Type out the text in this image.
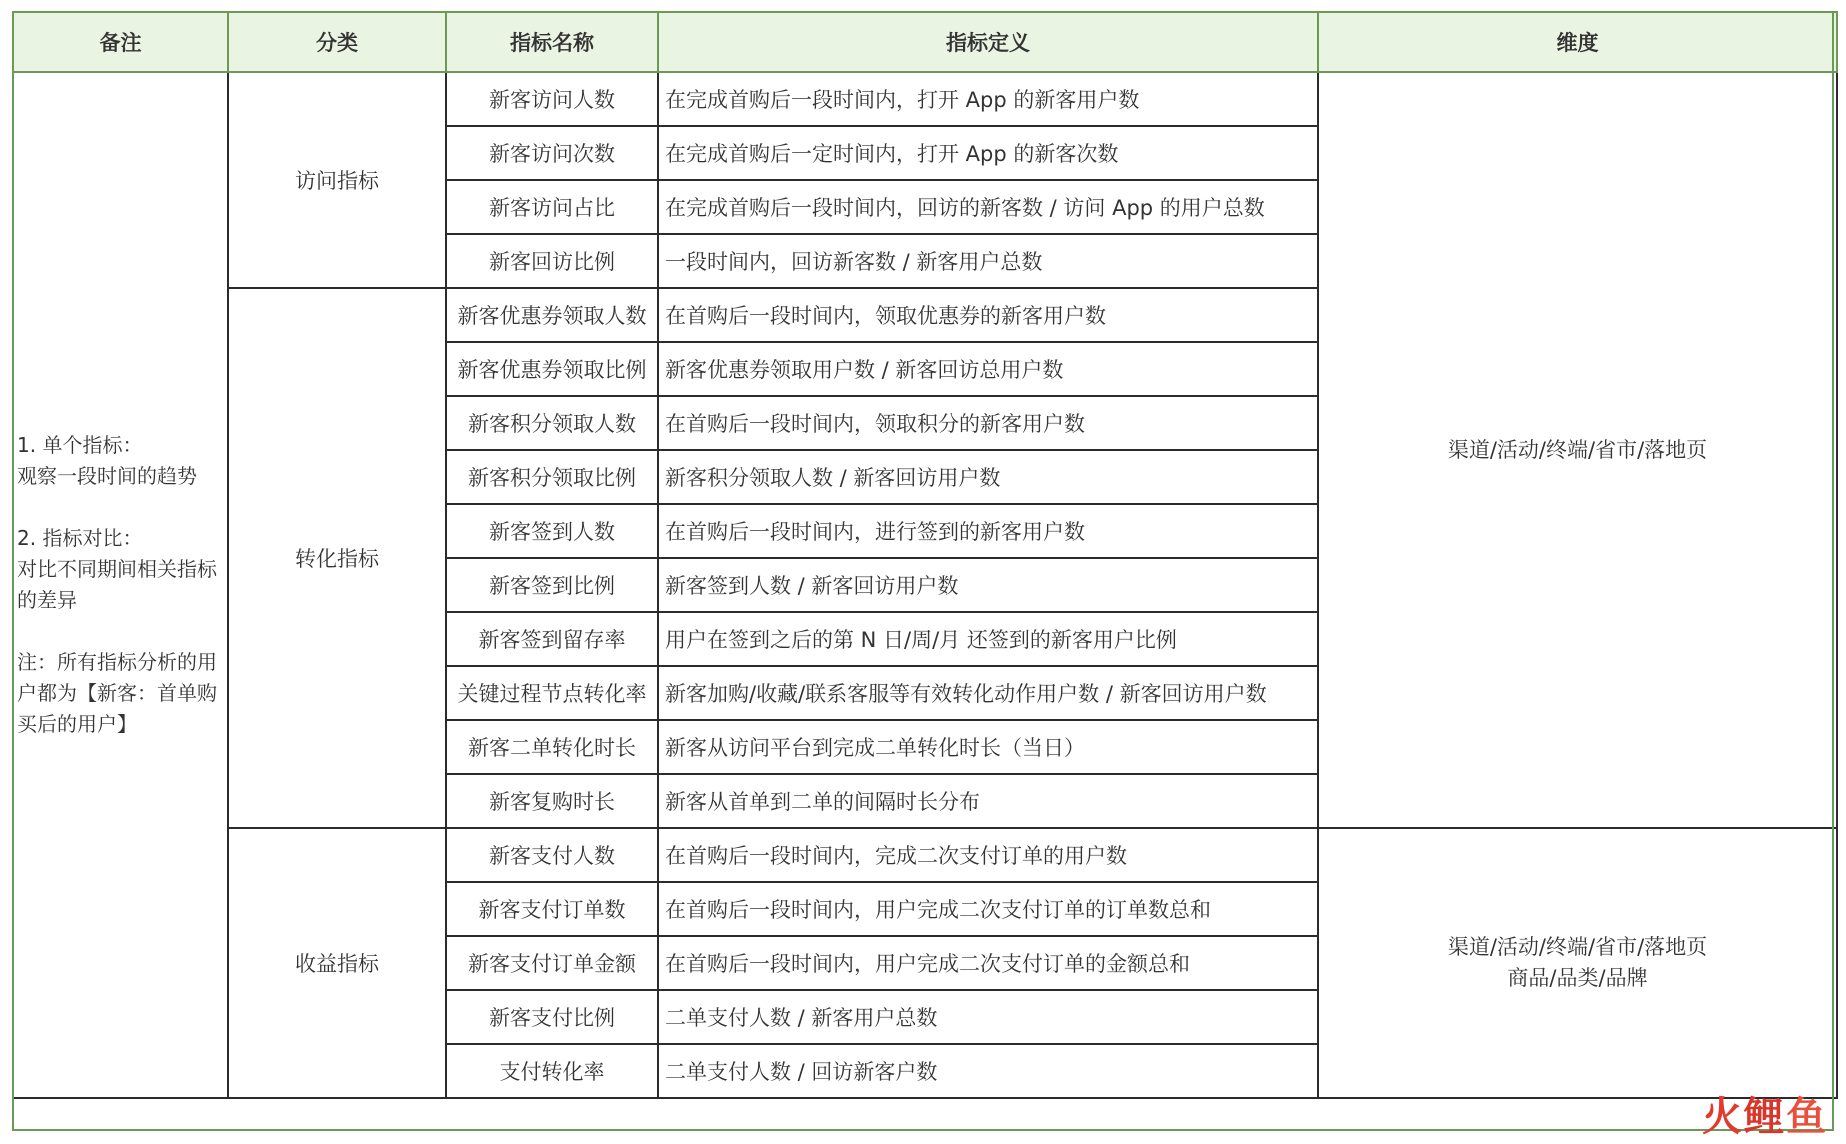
备注	分类	指标名称	指标定义	维度

1. 单个指标：

观察一段时间的趋势

2. 指标对比：

对比不同期间相关指标的差异

注：所有指标分析的用户都为【新客：首单购买后的用户】	访问指标	新客访问人数	在完成首购后一段时间内，打开 App 的新客用户数	渠道/活动/终端/省市/落地页
		新客访问次数	在完成首购后一定时间内，打开 App 的新客次数	
		新客访问占比	在完成首购后一段时间内，回访的新客数 / 访问 App 的用户总数	
		新客回访比例	一段时间内，回访新客数 / 新客用户总数	
	转化指标	新客优惠券领取人数	在首购后一段时间内，领取优惠券的新客用户数	
		新客优惠券领取比例	新客优惠券领取用户数 / 新客回访总用户数	
		新客积分领取人数	在首购后一段时间内，领取积分的新客用户数	
		新客积分领取比例	新客积分领取人数 / 新客回访用户数	
		新客签到人数	在首购后一段时间内，进行签到的新客用户数	
		新客签到比例	新客签到人数 / 新客回访用户数	
		新客签到留存率	用户在签到之后的第 N 日/周/月 还签到的新客用户比例	
		关键过程节点转化率	新客加购/收藏/联系客服等有效转化动作用户数 / 新客回访用户数	
		新客二单转化时长	新客从访问平台到完成二单转化时长（当日）	
		新客复购时长	新客从首单到二单的间隔时长分布	
	收益指标	新客支付人数	在首购后一段时间内，完成二次支付订单的用户数	渠道/活动/终端/省市/落地页
商品/品类/品牌

		新客支付订单数	在首购后一段时间内，用户完成二次支付订单的订单数总和	
		新客支付订单金额	在首购后一段时间内，用户完成二次支付订单的金额总和	
		新客支付比例	二单支付人数 / 新客用户总数	
		支付转化率	二单支付人数 / 回访新客户数	
火鲤鱼
